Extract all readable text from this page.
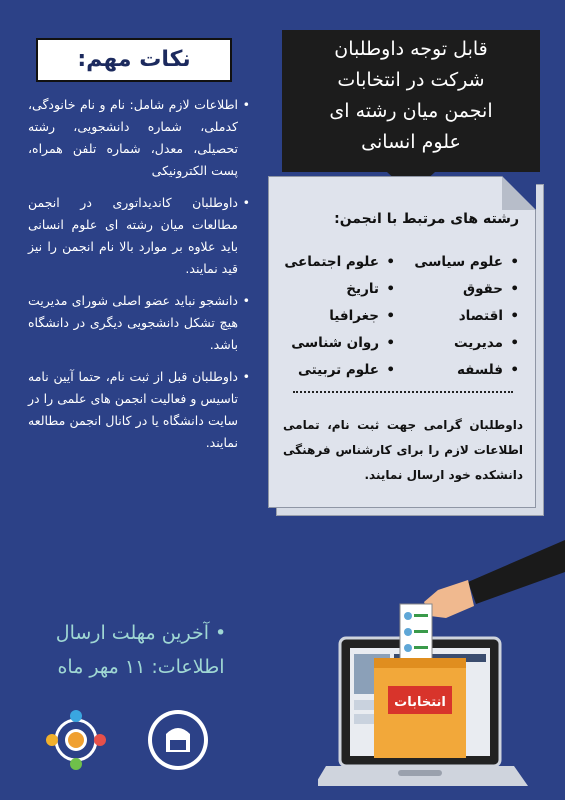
قابل توجه داوطلبان
شرکت در انتخابات
انجمن میان رشته ای
علوم انسانی
نکات مهم:
• اطلاعات لازم شامل: نام و نام خانودگی، کدملی، شماره دانشجویی، رشته تحصیلی، معدل، شماره تلفن همراه، پست الکترونیکی
• داوطلبان کاندیداتوری در انجمن مطالعات میان رشته ای علوم انسانی باید علاوه بر موارد بالا نام انجمن را نیز قید نمایند.
• دانشجو نباید عضو اصلی شورای مدیریت هیچ تشکل دانشجویی دیگری در دانشگاه باشد.
• داوطلبان قبل از ثبت نام، حتما آیین نامه تاسیس و فعالیت انجمن های علمی را در سایت دانشگاه یا در کانال انجمن مطالعه نمایند.
• آخرین مهلت ارسال
اطلاعات: ۱۱ مهر ماه
رشته های مرتبط با انجمن:
• علوم سیاسی
• حقوق
• اقتصاد
• مدیریت
• فلسفه
• علوم اجتماعی
• تاریخ
• جغرافیا
• روان شناسی
• علوم تربیتی
داوطلبان گرامی جهت ثبت نام، تمامی اطلاعات لازم را برای کارشناس فرهنگی دانشکده خود ارسال نمایند.
انتخابات
